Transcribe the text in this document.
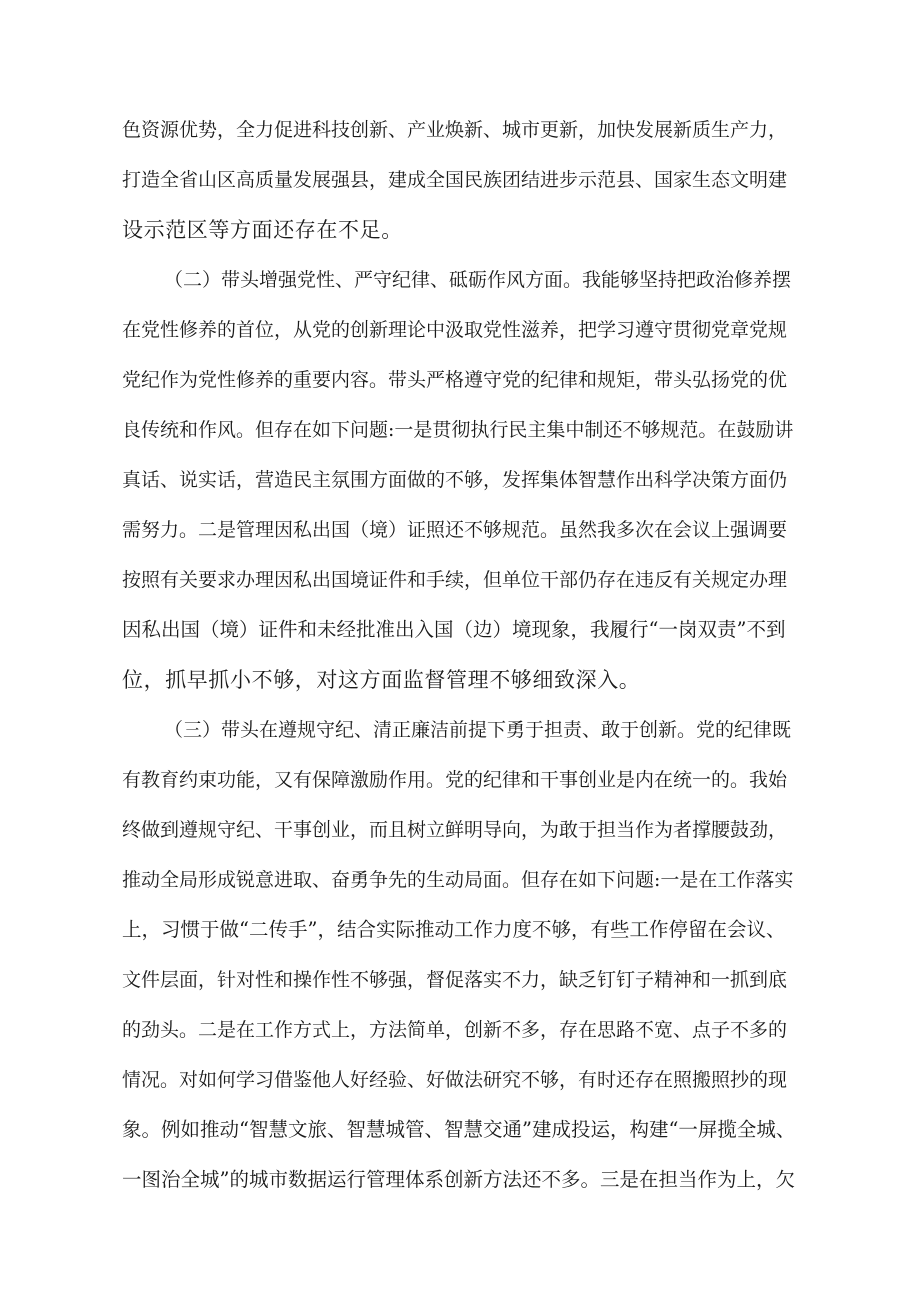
色资源优势，全力促进科技创新、产业焕新、城市更新，加快发展新质生产力，
打造全省山区高质量发展强县，建成全国民族团结进步示范县、国家生态文明建
设示范区等方面还存在不足。
（二）带头增强党性、严守纪律、砥砺作风方面。我能够坚持把政治修养摆
在党性修养的首位，从党的创新理论中汲取党性滋养，把学习遵守贯彻党章党规
党纪作为党性修养的重要内容。带头严格遵守党的纪律和规矩，带头弘扬党的优
良传统和作风。但存在如下问题:一是贯彻执行民主集中制还不够规范。在鼓励讲
真话、说实话，营造民主氛围方面做的不够，发挥集体智慧作出科学决策方面仍
需努力。二是管理因私出国（境）证照还不够规范。虽然我多次在会议上强调要
按照有关要求办理因私出国境证件和手续，但单位干部仍存在违反有关规定办理
因私出国（境）证件和未经批准出入国（边）境现象，我履行“一岗双责”不到
位，抓早抓小不够，对这方面监督管理不够细致深入。
（三）带头在遵规守纪、清正廉洁前提下勇于担责、敢于创新。党的纪律既
有教育约束功能，又有保障激励作用。党的纪律和干事创业是内在统一的。我始
终做到遵规守纪、干事创业，而且树立鲜明导向，为敢于担当作为者撑腰鼓劲，
推动全局形成锐意进取、奋勇争先的生动局面。但存在如下问题:一是在工作落实
上，习惯于做“二传手”，结合实际推动工作力度不够，有些工作停留在会议、
文件层面，针对性和操作性不够强，督促落实不力，缺乏钉钉子精神和一抓到底
的劲头。二是在工作方式上，方法简单，创新不多，存在思路不宽、点子不多的
情况。对如何学习借鉴他人好经验、好做法研究不够，有时还存在照搬照抄的现
象。例如推动“智慧文旅、智慧城管、智慧交通”建成投运，构建“一屏揽全城、
一图治全城”的城市数据运行管理体系创新方法还不多。三是在担当作为上，欠
